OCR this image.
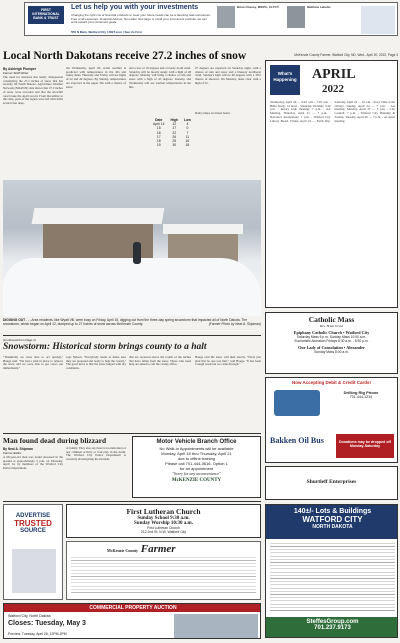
FIRST INTERNATIONAL BANK & TRUST
Let us help you with your investments
Changing the right mix of financial products to meet your future needs can be a daunting task sometimes. Free of all expenses. Financial Advisor, No matter how large or small your investment portfolio, we can work toward your retirement goals.
550 N Main, Watford City | FIBT.com | See Us First
Brian Cheney, MS/PC, CLTC®	Matthew Labahn
Local North Dakotans receive 27.2 inches of snow	McKenzie County Farmer, Watford City, ND, Wed., April 20, 2022, Page 3
By Ashleigh Plumper
Farmer Staff Writer
The need for moisture has nearly disappeared considering the 27.2 inches of snow that has recently hit North Dakota. Agriculture Weather Network (NDAWN) data shows that 27.2 inches of snow were recorded and that the snowfall total broke the April record. From December to this date, parts of the region were left with drifts several feet deep.
On Wednesday, April 20, warm weather is predicted with temperatures in the 40s and sunny skies. Thursday and Friday will see highs of 52 and 49 degrees. By Sunday, temperatures are expected in the upper 30s with a chance of snow.
and a low of 19 degrees and a breezy north wind. Saturday will be mostly sunny with a high of 48 degrees. Monday will bring a chance of rain and snow with a high of 43 degrees. Tuesday and Wednesday will see warmer temperatures in the 60s.
27 degrees are expected on Saturday night, with a chance of rain and snow and a blustery northwest wind. Sunday's high will be 48 degrees with a 30% chance of showers. On Monday, skies clear with a high of 52.
Daily temps are listed below
Date	High	Low
April 14	12	4
15	17	0
16	22	7
17	26	11
18	25	16
19	30	18
DIGGING OUT . . . Area residents, like Wyatt Vill, were busy on Friday, April 15, digging out from the three-day spring snowstorm that impacted all of North Dakota. The snowstorm, which began on April 12, dumped up to 27 inches of snow across McKenzie County.	(Farmer Photo by Neal A. Shipman)
(Continued from Page 1)
Snowstorm: Historical storm brings county to a halt
"Thankfully we were able to act quickly," Hauge said. "We had a plan in place to remove the snow and we were able to get crews out immediately."
says Nelson. "Everybody needs to make sure they are prepared and ready to help the county." The good news is that the snow helped with dry conditions.
that are received above the fourth of the inches that have fallen from the snow. Those who need help are asked to call the county office.
Hauge said the snow will melt slowly. "We're just glad that no one was hurt," said Hauge. "It has been a tough week but we came through."
Man found dead during blizzard
By Neal A. Shipman
Farmer Editor
A 60-year-old man was found deceased in the ground at approximately 2 p.m. on Thursday, April 14, by members of the Watford City Police Department.
of family. They also say there is no indication of any criminal activity or foul play in the death. The Watford City Police Department is currently investigating the incident.
Motor Vehicle Branch Office
No Walk-in Appointments will be available
Monday, April 18 thru Thursday, April 21
due to offline training
Please call 701-444-3616, Option 1
for an appointment
"Sorry for any inconvenience"
McKENZIE COUNTY
ADVERTISE
TRUSTED
SOURCE
First Lutheran Church
Sunday School 9:30 a.m.
Sunday Worship 10:30 a.m.
First Lutheran Church
212 2nd St. N.W. Watford City
McKenzie County Farmer
What's Happening APRIL
2022
Wednesday, April 20 — 6:45 a.m. - 7:45 a.m. - Bible Study; 12 noon - Weekday Worship; 5:30 p.m. - Rotary Club meeting; 7 p.m. - AA Meeting. Thursday, April 21 — 7 p.m. - Narcotics Anonymous; 7 p.m. - Watford City Library Board. Friday, April 22 — Earth Day. Saturday, April 23 — 10 a.m. - Story Time at the Library. Sunday, April 24 — 7 p.m. - AA meeting. Monday, April 25 — 5 p.m. - City Council; 7 p.m. - Watford City Planning & Zoning. Tuesday, April 26 — 7 p.m. - Al-Anon meeting.
Catholic Mass
Rev. Brian Gross
Epiphany Catholic Church • Watford City
Saturday Mass 6 p.m. Sunday Mass 10:00 a.m.
Eucharistic Adoration Fridays 8:30 a.m. - 8:30 p.m.
Our Lady of Consolation • Alexander
Sunday Mass 8:00 a.m.
Now Accepting Debit & Credit Cards!
Drilling Rig Phone
701-444-1234
Bakken Oil Bus	Donations may be dropped off Monday-Saturday
Shurtleff Enterprises
140±/- Lots & Buildings
WATFORD CITY
NORTH DAKOTA
SteffesGroup.com
701.237.9173
COMMERCIAL PROPERTY AUCTION
Watford City, North Dakota
Closes: Tuesday, May 3
Preview: Tuesday, April 26, 12PM-2PM
